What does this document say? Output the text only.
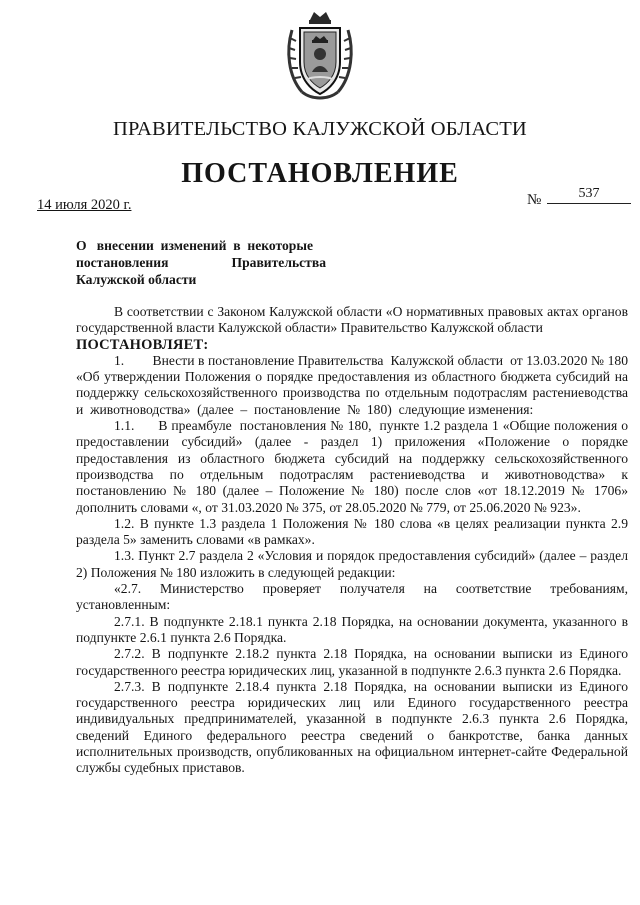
ПРАВИТЕЛЬСТВО КАЛУЖСКОЙ ОБЛАСТИ
ПОСТАНОВЛЕНИЕ
14 июля 2020 г.	№	537
О   внесении  изменений  в  некоторые
постановления	Правительства
Калужской области

В соответствии с Законом Калужской области «О нормативных правовых актах органов государственной власти Калужской области» Правительство Калужской области

ПОСТАНОВЛЯЕТ:

1.        Внести в постановление Правительства  Калужской области  от 13.03.2020 № 180  «Об утверждении Положения о порядке предоставления из областного бюджета субсидий на поддержку сельскохозяйственного производства по отдельным подотраслям растениеводства  и  животноводства»  (далее  –  постановление  №  180)  следующие изменения:

1.1.      В преамбуле  постановления № 180,  пункте 1.2 раздела 1 «Общие положения о предоставлении субсидий» (далее - раздел 1) приложения «Положение о порядке предоставления из областного бюджета субсидий на поддержку сельскохозяйственного производства по отдельным подотраслям растениеводства и животноводства» к постановлению № 180 (далее – Положение № 180) после слов «от 18.12.2019 № 1706» дополнить словами «, от 31.03.2020 № 375, от 28.05.2020 № 779, от 25.06.2020 № 923».

1.2. В пункте 1.3 раздела 1 Положения № 180 слова «в целях реализации пункта 2.9 раздела 5» заменить словами «в рамках».

1.3. Пункт 2.7 раздела 2 «Условия и порядок предоставления субсидий» (далее – раздел 2) Положения № 180 изложить в следующей редакции:

«2.7. Министерство проверяет получателя на соответствие требованиям, установленным:

2.7.1. В подпункте 2.18.1 пункта 2.18 Порядка, на основании документа, указанного в подпункте 2.6.1 пункта 2.6 Порядка.

2.7.2. В подпункте 2.18.2 пункта 2.18 Порядка, на основании выписки из Единого государственного реестра юридических лиц, указанной в подпункте 2.6.3 пункта 2.6 Порядка.

2.7.3. В подпункте 2.18.4 пункта 2.18 Порядка, на основании выписки из Единого государственного реестра юридических лиц или Единого государственного реестра индивидуальных предпринимателей, указанной в подпункте 2.6.3 пункта 2.6 Порядка, сведений Единого федерального реестра сведений о банкротстве, банка данных исполнительных производств, опубликованных на официальном интернет-сайте Федеральной службы судебных приставов.
